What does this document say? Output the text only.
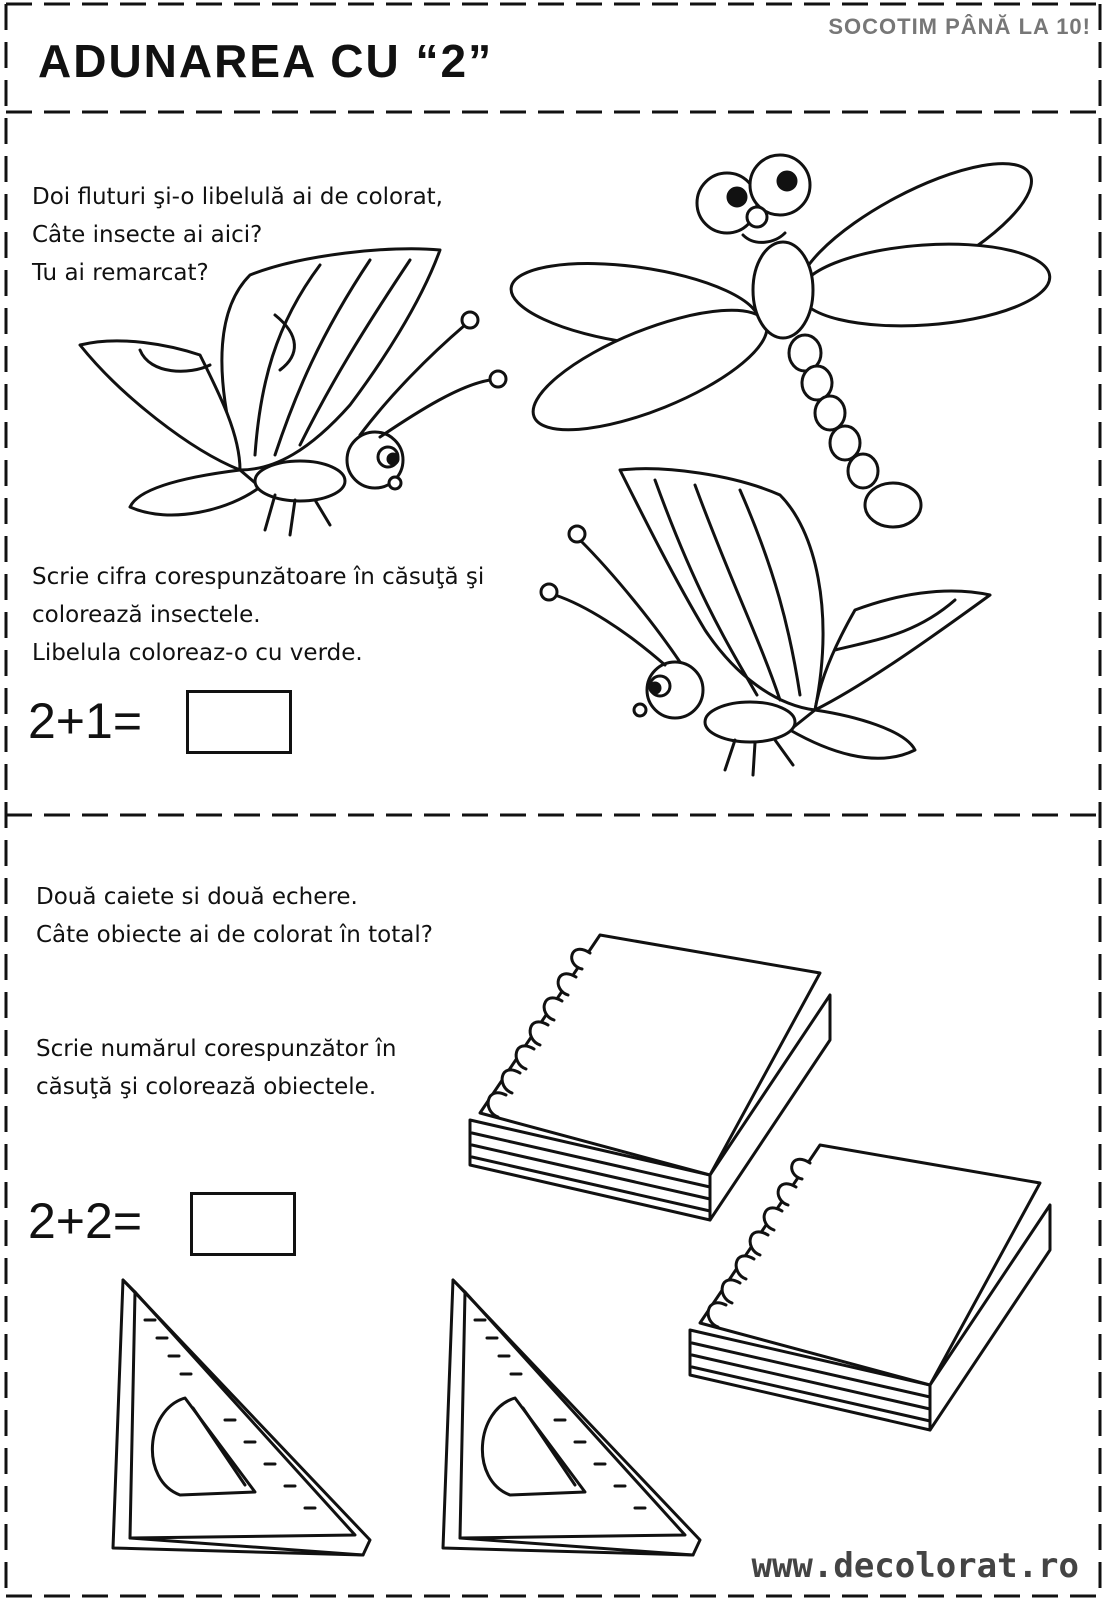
ADUNAREA CU “2”
SOCOTIM PÂNĂ LA 10!
Doi fluturi şi-o libelulă ai de colorat,
Câte insecte ai aici?
Tu ai remarcat?
Scrie cifra corespunzătoare în căsuţă şi
colorează insectele.
Libelula coloreaz-o cu verde.
2+1=
Două caiete si două echere.
Câte obiecte ai de colorat în total?
Scrie numărul corespunzător în
căsuţă şi colorează obiectele.
2+2=
www.decolorat.ro
